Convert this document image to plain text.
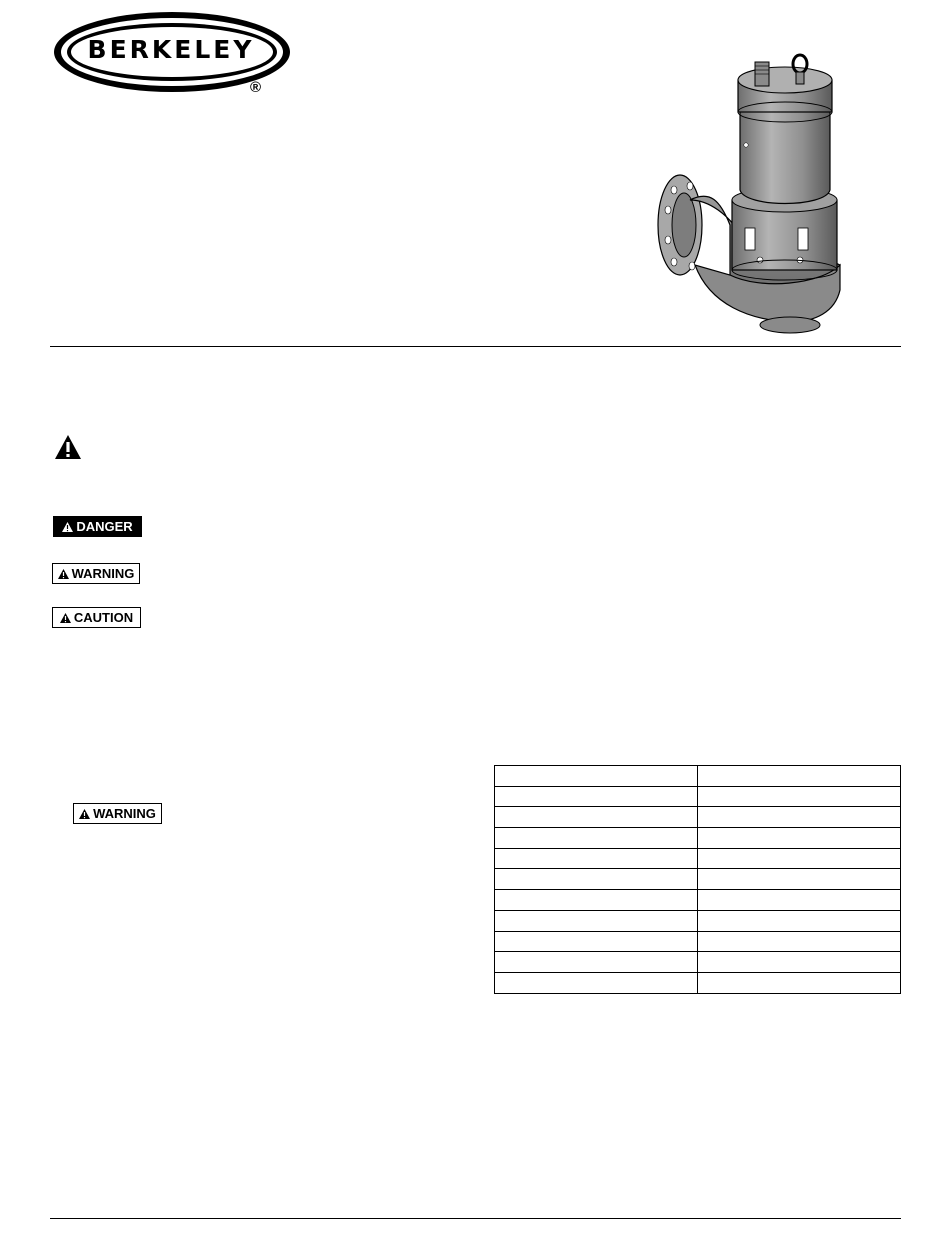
BERKELEY
®
DANGER
WARNING
CAUTION
WARNING
